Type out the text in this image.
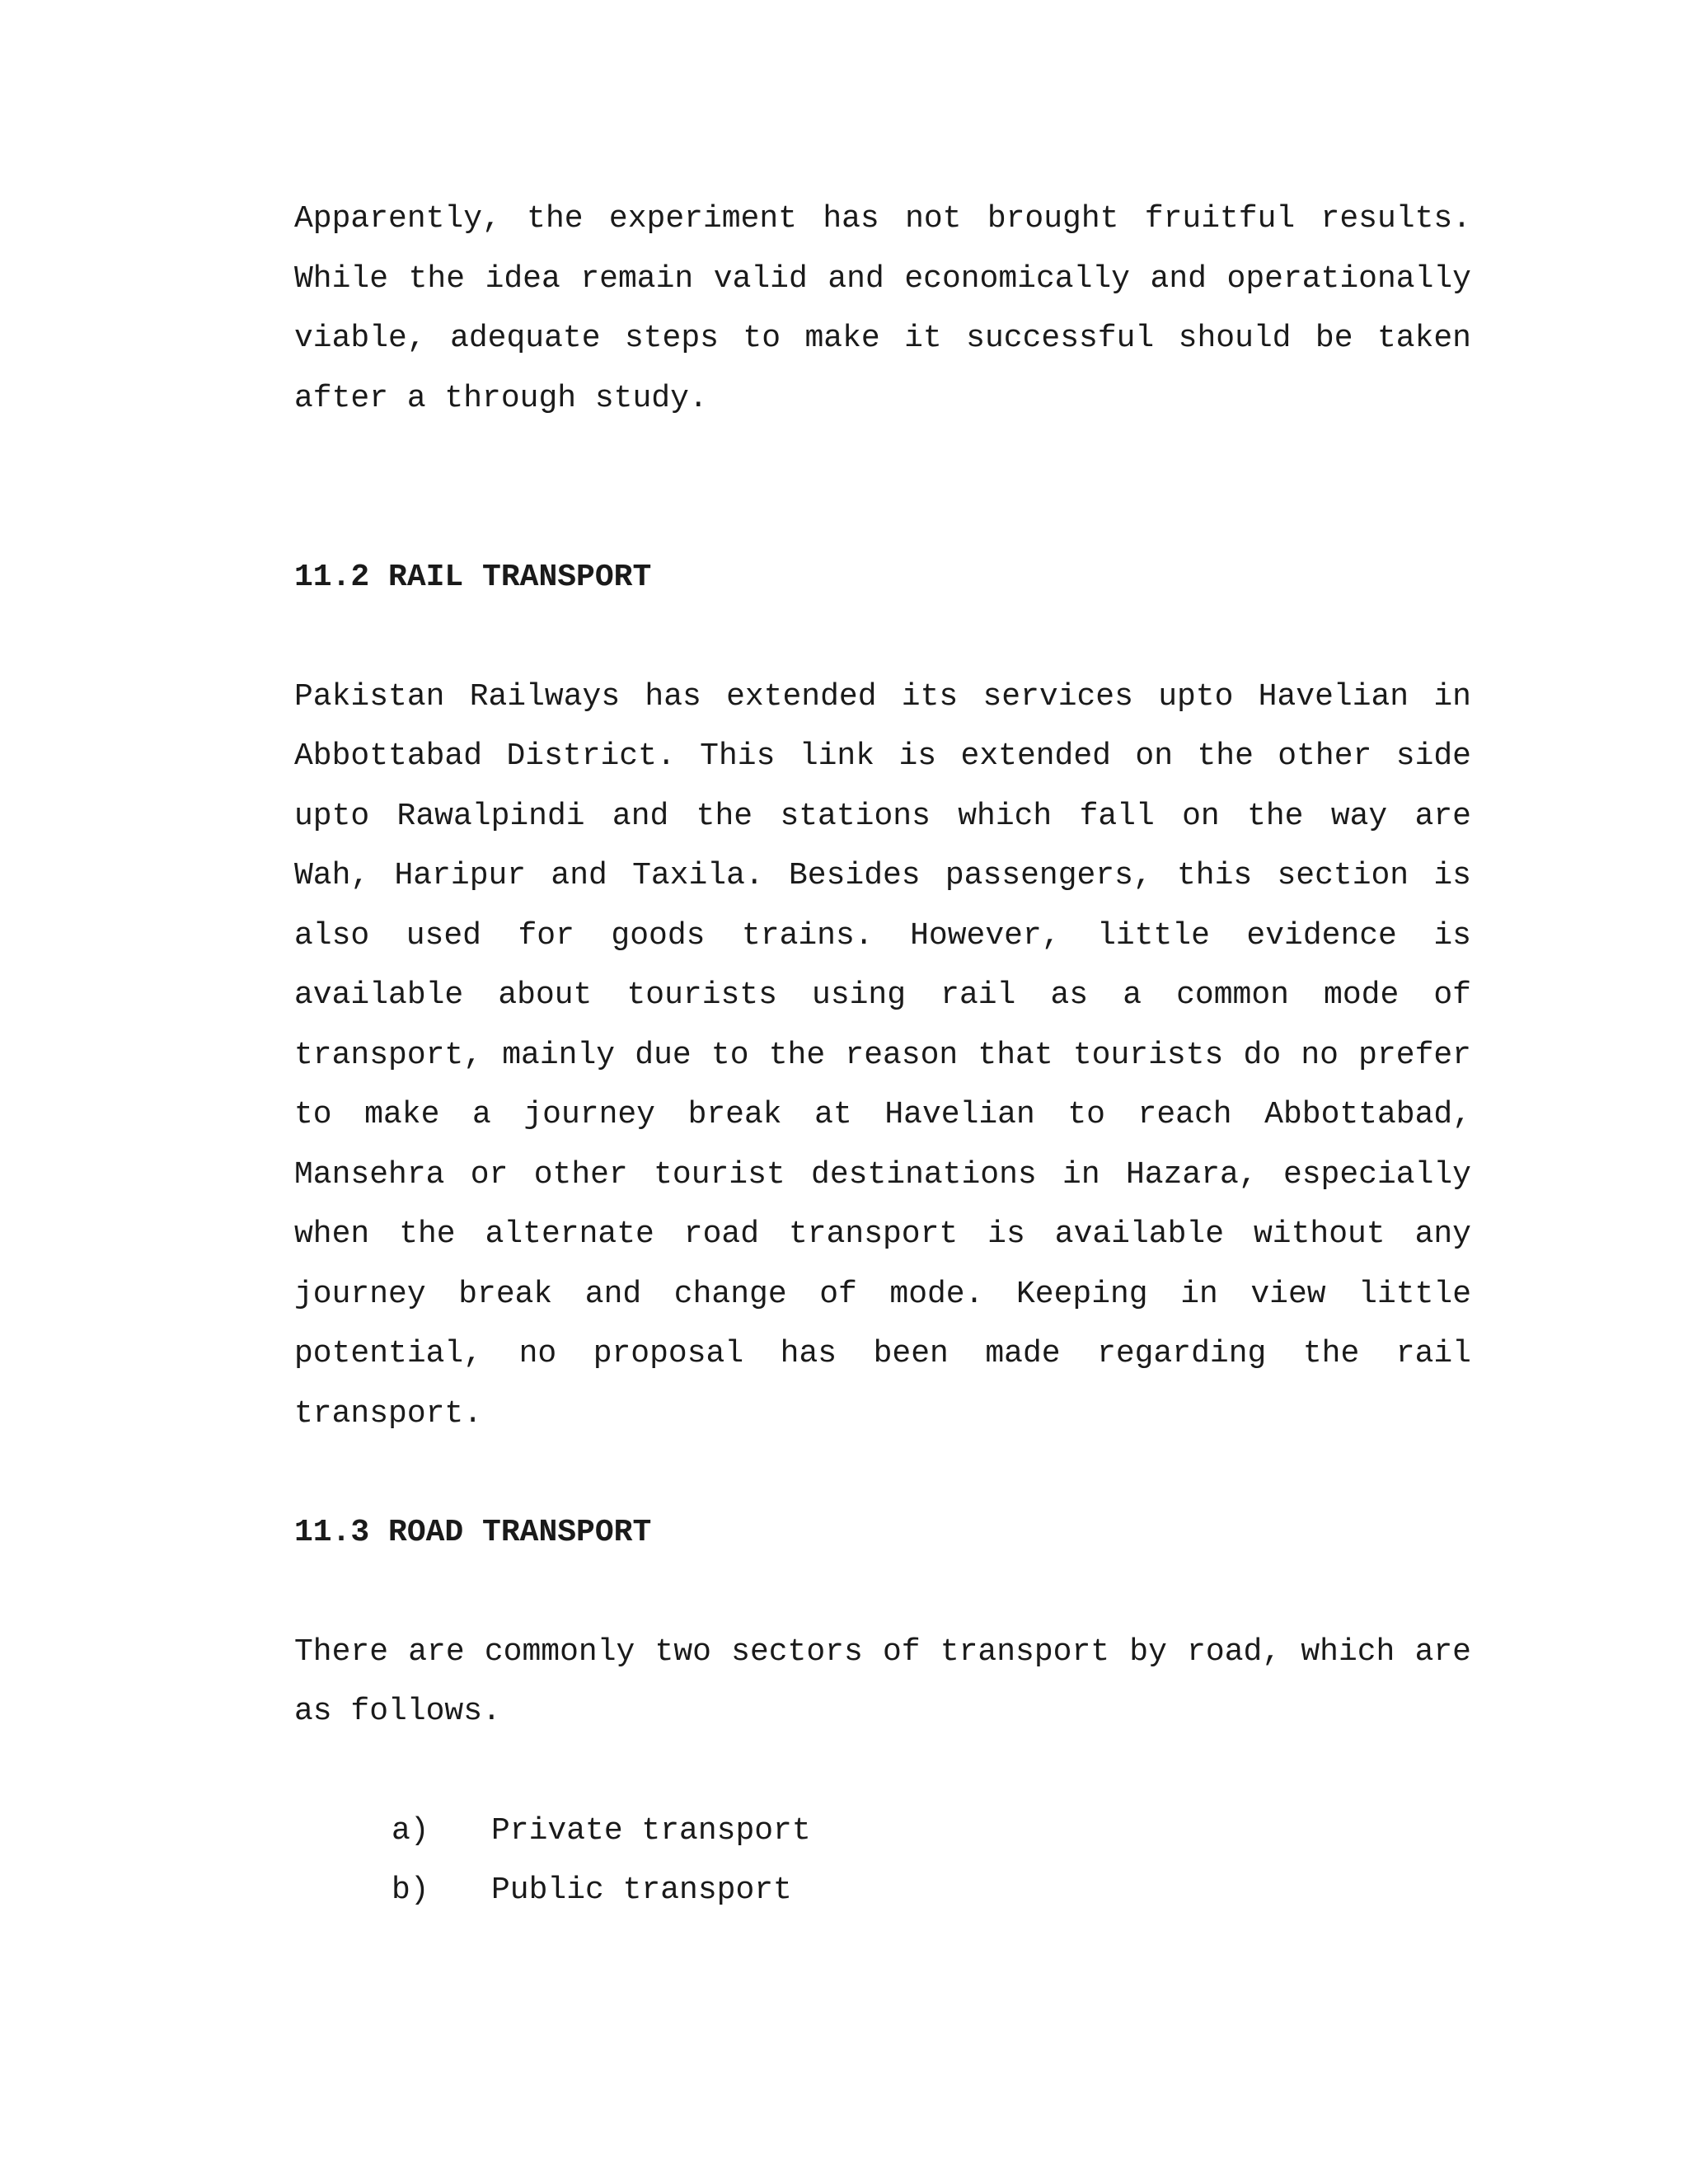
Apparently, the experiment has not brought fruitful results. While the idea remain valid and economically and operationally viable, adequate steps to make it successful should be taken after a through study.

11.2 RAIL TRANSPORT

Pakistan Railways has extended its services upto Havelian in Abbottabad District. This link is extended on the other side upto Rawalpindi and the stations which fall on the way are Wah, Haripur and Taxila. Besides passengers, this section is also used for goods trains. However, little evidence is available about tourists using rail as a common mode of transport, mainly due to the reason that tourists do no prefer to make a journey break at Havelian to reach Abbottabad, Mansehra or other tourist destinations in Hazara, especially when the alternate road transport is available without any journey break and change of mode. Keeping in view little potential, no proposal has been made regarding the rail transport.

11.3 ROAD TRANSPORT

There are commonly two sectors of transport by road, which are as follows.

a) Private transport
b) Public transport
